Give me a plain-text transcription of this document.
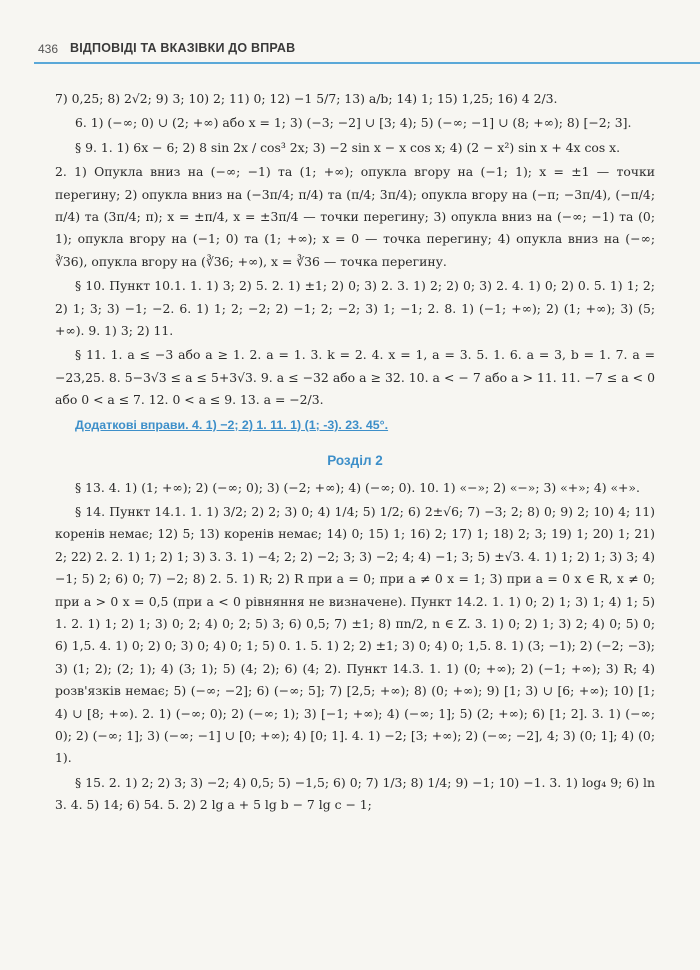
436 ВІДПОВІДІ ТА ВКАЗІВКИ ДО ВПРАВ

7) 0,25; 8) 2√2; 9) 3; 10) 2; 11) 0; 12) −1 5/7; 13) a/b; 14) 1; 15) 1,25; 16) 4 2/3.

6. 1) (−∞; 0) ∪ (2; +∞) або x = 1; 3) (−3; −2] ∪ [3; 4); 5) (−∞; −1] ∪ (8; +∞); 8) [−2; 3].

§ 9. 1. 1) 6x − 6; 2) 8 sin 2x / cos³ 2x; 3) −2 sin x − x cos x; 4) (2 − x²) sin x + 4x cos x.

2. 1) Опукла вниз на (−∞; −1) та (1; +∞); опукла вгору на (−1; 1); x = ±1 — точки перегину; 2) опукла вниз на (−3π/4; π/4) та (π/4; 3π/4); опукла вгору на (−π; −3π/4), (−π/4; π/4) та (3π/4; π); x = ±π/4, x = ±3π/4 — точки перегину; 3) опукла вниз на (−∞; −1) та (0; 1); опукла вгору на (−1; 0) та (1; +∞); x = 0 — точка перегину; 4) опукла вниз на (−∞; ∛36), опукла вгору на (∛36; +∞), x = ∛36 — точка перегину.

§ 10. Пункт 10.1. 1. 1) 3; 2) 5. 2. 1) ±1; 2) 0; 3) 2. 3. 1) 2; 2) 0; 3) 2. 4. 1) 0; 2) 0. 5. 1) 1; 2; 2) 1; 3; 3) −1; −2. 6. 1) 1; 2; −2; 2) −1; 2; −2; 3) 1; −1; 2. 8. 1) (−1; +∞); 2) (1; +∞); 3) (5; +∞). 9. 1) 3; 2) 11.

§ 11. 1. a ≤ −3 або a ≥ 1. 2. a = 1. 3. k = 2. 4. x = 1, a = 3. 5. 1. 6. a = 3, b = 1. 7. a = −23,25. 8. 5−3√3 ≤ a ≤ 5+3√3. 9. a ≤ −32 або a ≥ 32. 10. a < − 7 або a > 11. 11. −7 ≤ a < 0 або 0 < a ≤ 7. 12. 0 < a ≤ 9. 13. a = −2/3.

Додаткові вправи. 4. 1) −2; 2) 1. 11. 1) (1; -3). 23. 45°.

Розділ 2

§ 13. 4. 1) (1; +∞); 2) (−∞; 0); 3) (−2; +∞); 4) (−∞; 0). 10. 1) «−»; 2) «−»; 3) «+»; 4) «+».

§ 14. Пункт 14.1. 1. 1) 3/2; 2) 2; 3) 0; 4) 1/4; 5) 1/2; 6) 2±√6; 7) −3; 2; 8) 0; 9) 2; 10) 4; 11) коренів немає; 12) 5; 13) коренів немає; 14) 0; 15) 1; 16) 2; 17) 1; 18) 2; 3; 19) 1; 20) 1; 21) 2; 22) 2. 2. 1) 1; 2) 1; 3) 3. 3. 1) −4; 2; 2) −2; 3; 3) −2; 4; 4) −1; 3; 5) ±√3. 4. 1) 1; 2) 1; 3) 3; 4) −1; 5) 2; 6) 0; 7) −2; 8) 2. 5. 1) R; 2) R при a = 0; при a ≠ 0 x = 1; 3) при a = 0 x ∈ R, x ≠ 0; при a > 0 x = 0,5 (при a < 0 рівняння не визначене). Пункт 14.2. 1. 1) 0; 2) 1; 3) 1; 4) 1; 5) 1. 2. 1) 1; 2) 1; 3) 0; 2; 4) 0; 2; 5) 3; 6) 0,5; 7) ±1; 8) πn/2, n ∈ Z. 3. 1) 0; 2) 1; 3) 2; 4) 0; 5) 0; 6) 1,5. 4. 1) 0; 2) 0; 3) 0; 4) 0; 1; 5) 0. 1. 5. 1) 2; 2) ±1; 3) 0; 4) 0; 1,5. 8. 1) (3; −1); 2) (−2; −3); 3) (1; 2); (2; 1); 4) (3; 1); 5) (4; 2); 6) (4; 2). Пункт 14.3. 1. 1) (0; +∞); 2) (−1; +∞); 3) R; 4) розв'язків немає; 5) (−∞; −2]; 6) (−∞; 5]; 7) [2,5; +∞); 8) (0; +∞); 9) [1; 3) ∪ [6; +∞); 10) [1; 4) ∪ [8; +∞). 2. 1) (−∞; 0); 2) (−∞; 1); 3) [−1; +∞); 4) (−∞; 1]; 5) (2; +∞); 6) [1; 2]. 3. 1) (−∞; 0); 2) (−∞; 1]; 3) (−∞; −1] ∪ [0; +∞); 4) [0; 1]. 4. 1) −2; [3; +∞); 2) (−∞; −2], 4; 3) (0; 1]; 4) (0; 1).

§ 15. 2. 1) 2; 2) 3; 3) −2; 4) 0,5; 5) −1,5; 6) 0; 7) 1/3; 8) 1/4; 9) −1; 10) −1. 3. 1) log₄ 9; 6) ln 3. 4. 5) 14; 6) 54. 5. 2) 2 lg a + 5 lg b − 7 lg c − 1;
